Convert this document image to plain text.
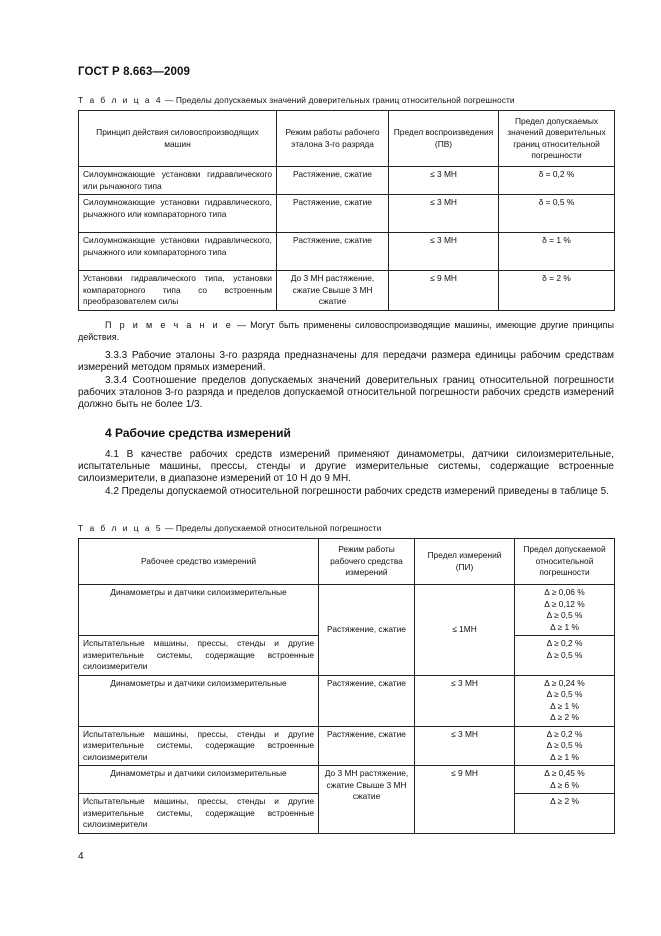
ГОСТ Р 8.663—2009
Т а б л и ц а 4 — Пределы допускаемых значений доверительных границ относительной погрешности
Принцип действия силовоспроизводящих машин	Режим работы рабочего эталона 3-го разряда	Предел воспроизведения (ПВ)	Предел допускаемых значений доверительных границ относительной погрешности
Силоумножающие установки гидравлического или рычажного типа	Растяжение, сжатие	≤ 3 МН	δ = 0,2 %
Силоумножающие установки гидравлического, рычажного или компараторного типа	Растяжение, сжатие	≤ 3 МН	δ = 0,5 %
Силоумножающие установки гидравлического, рычажного или компараторного типа	Растяжение, сжатие	≤ 3 МН	δ = 1 %
Установки гидравлического типа, установки компараторного типа со встроенным преобразователем силы	До 3 МН растяжение, сжатие Свыше 3 МН сжатие	≤ 9 МН	δ = 2 %
П р и м е ч а н и е — Могут быть применены силовоспроизводящие машины, имеющие другие принципы действия.
3.3.3 Рабочие эталоны 3-го разряда предназначены для передачи размера единицы рабочим средствам измерений методом прямых измерений.
3.3.4 Соотношение пределов допускаемых значений доверительных границ относительной погрешности рабочих эталонов 3-го разряда и пределов допускаемой относительной погрешности рабочих средств измерений должно быть не более 1/3.
4 Рабочие средства измерений
4.1 В качестве рабочих средств измерений применяют динамометры, датчики силоизмерительные, испытательные машины, прессы, стенды и другие измерительные системы, содержащие встроенные силоизмерители, в диапазоне измерений от 10 Н до 9 МН.
4.2 Пределы допускаемой относительной погрешности рабочих средств измерений приведены в таблице 5.
Т а б л и ц а 5 — Пределы допускаемой относительной погрешности
Рабочее средство измерений	Режим работы рабочего средства измерений	Предел измерений (ПИ)	Предел допускаемой относительной погрешности
Динамометры и датчики силоизмерительные	Растяжение, сжатие	≤ 1МН	Δ ≥ 0,06 %
Δ ≥ 0,12 %
Δ ≥ 0,5 %
Δ ≥ 1 %

Испытательные машины, прессы, стенды и другие измерительные системы, содержащие встроенные силоизмерители			Δ ≥ 0,2 %
Δ ≥ 0,5 %

Динамометры и датчики силоизмерительные	Растяжение, сжатие	≤ 3 МН	Δ ≥ 0,24 %
Δ ≥ 0,5 %
Δ ≥ 1 %
Δ ≥ 2 %

Испытательные машины, прессы, стенды и другие измерительные системы, содержащие встроенные силоизмерители	Растяжение, сжатие	≤ 3 МН	Δ ≥ 0,2 %
Δ ≥ 0,5 %
Δ ≥ 1 %

Динамометры и датчики силоизмерительные	До 3 МН растяжение, сжатие Свыше 3 МН сжатие	≤ 9 МН	Δ ≥ 0,45 %
Δ ≥ 6 %

Испытательные машины, прессы, стенды и другие измерительные системы, содержащие встроенные силоизмерители			Δ ≥ 2 %
4
